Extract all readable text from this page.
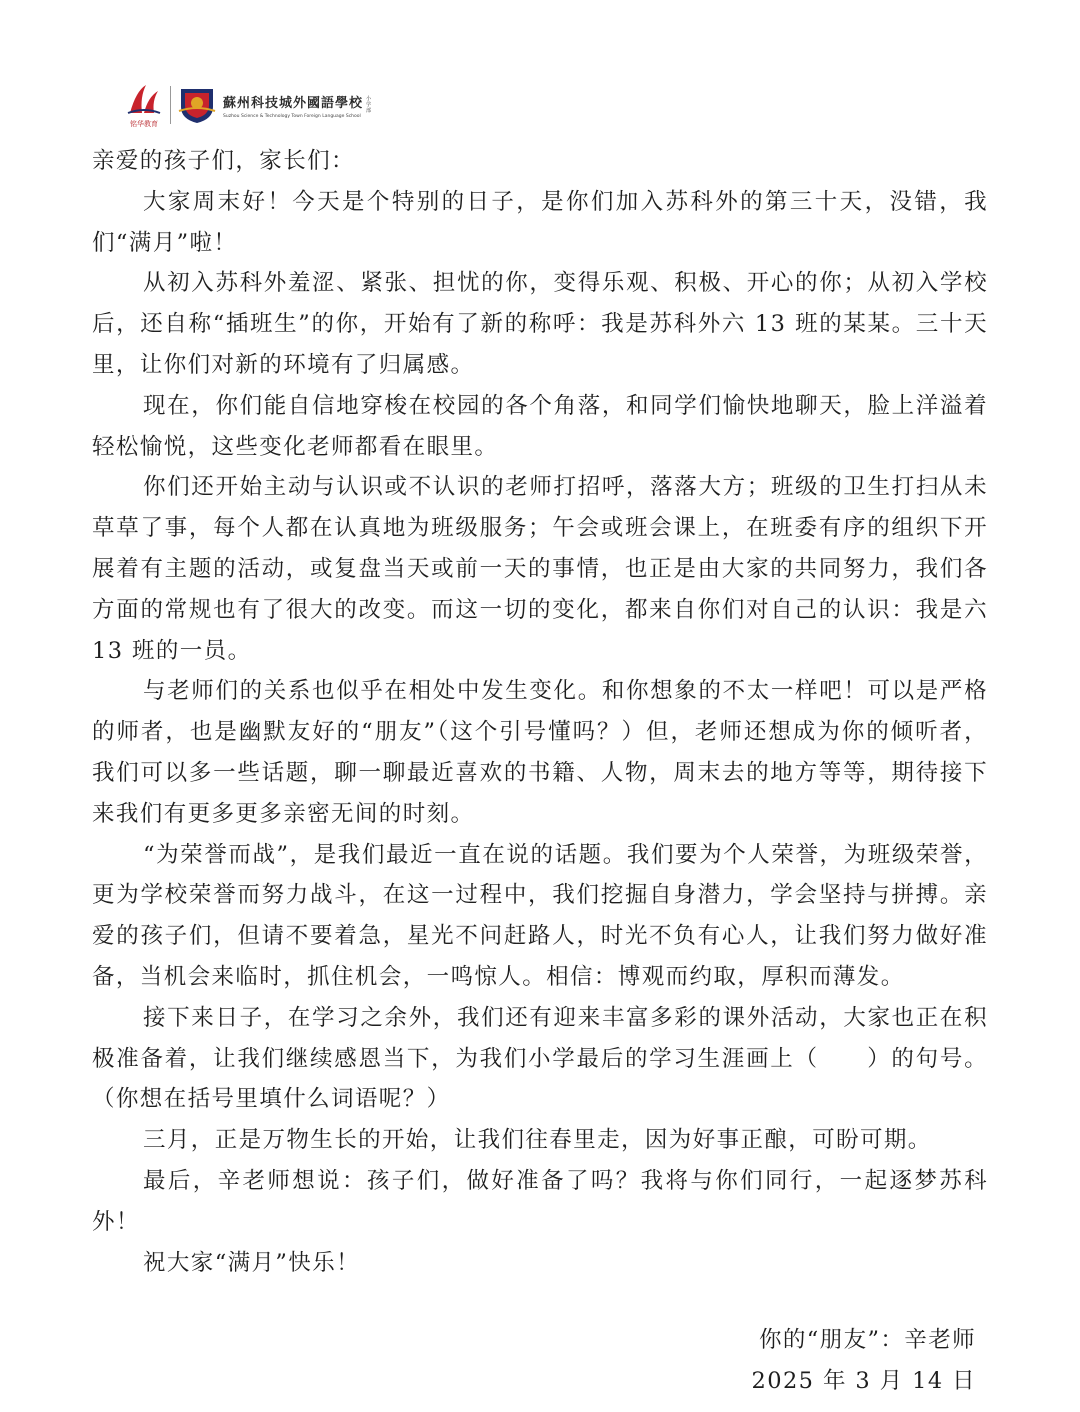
铭华教育
蘇州科技城外國語學校
Suzhou Science & Technology Town Foreign Language School
小学部

亲爱的孩子们，家长们：

大家周末好！今天是个特别的日子，是你们加入苏科外的第三十天，没错，我们“满月”啦！

从初入苏科外羞涩、紧张、担忧的你，变得乐观、积极、开心的你；从初入学校后，还自称“插班生”的你，开始有了新的称呼：我是苏科外六 13 班的某某。三十天里，让你们对新的环境有了归属感。

现在，你们能自信地穿梭在校园的各个角落，和同学们愉快地聊天，脸上洋溢着轻松愉悦，这些变化老师都看在眼里。

你们还开始主动与认识或不认识的老师打招呼，落落大方；班级的卫生打扫从未草草了事，每个人都在认真地为班级服务；午会或班会课上，在班委有序的组织下开展着有主题的活动，或复盘当天或前一天的事情，也正是由大家的共同努力，我们各方面的常规也有了很大的改变。而这一切的变化，都来自你们对自己的认识：我是六 13 班的一员。

与老师们的关系也似乎在相处中发生变化。和你想象的不太一样吧！可以是严格的师者，也是幽默友好的“朋友”（这个引号懂吗？）但，老师还想成为你的倾听者，我们可以多一些话题，聊一聊最近喜欢的书籍、人物，周末去的地方等等，期待接下来我们有更多更多亲密无间的时刻。

“为荣誉而战”，是我们最近一直在说的话题。我们要为个人荣誉，为班级荣誉，更为学校荣誉而努力战斗，在这一过程中，我们挖掘自身潜力，学会坚持与拼搏。亲爱的孩子们，但请不要着急，星光不问赶路人，时光不负有心人，让我们努力做好准备，当机会来临时，抓住机会，一鸣惊人。相信：博观而约取，厚积而薄发。

接下来日子，在学习之余外，我们还有迎来丰富多彩的课外活动，大家也正在积极准备着，让我们继续感恩当下，为我们小学最后的学习生涯画上（　　）的句号。（你想在括号里填什么词语呢？）

三月，正是万物生长的开始，让我们往春里走，因为好事正酿，可盼可期。

最后，辛老师想说：孩子们，做好准备了吗？我将与你们同行，一起逐梦苏科外！

祝大家“满月”快乐！

你的“朋友”：辛老师
2025 年 3 月 14 日
